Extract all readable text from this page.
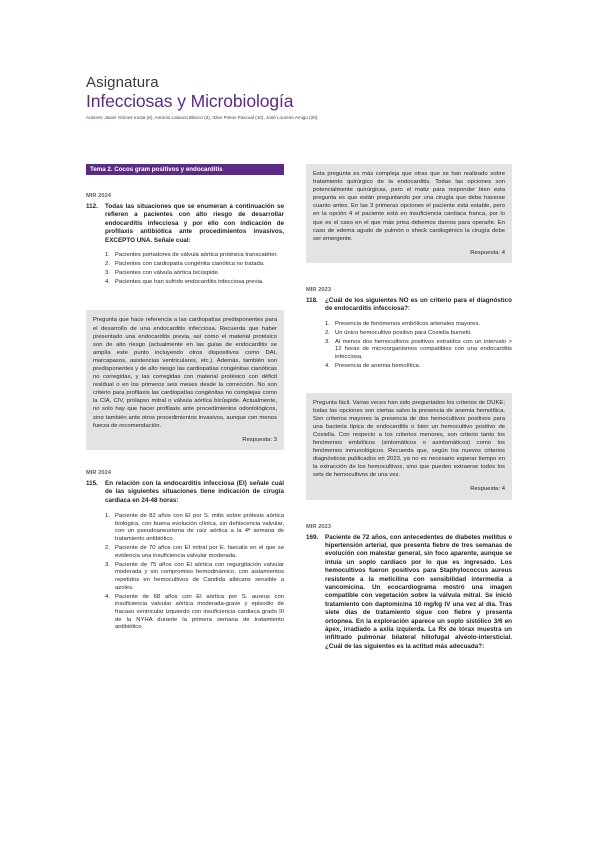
Asignatura
Infecciosas y Microbiología
Autores: Javier Gómez Irusta (6), Antonio Lalueza Blanco (3), Itziar Pintos Pascual (10), José Loureiro Amigo (20).
Tema 2. Cocos gram positivos y endocarditis
MIR 2024
112.	Todas las situaciones que se enumeran a continuación se refieren a pacientes con alto riesgo de desarrollar endocarditis infecciosa y por ello con indicación de profilaxis antibiótica ante procedimientos invasivos, EXCEPTO UNA. Señale cual:
1. Pacientes portadores de válvula aórtica protésica transcatéter.
2. Pacientes con cardiopatía congénita cianótica no tratada.
3. Pacientes con válvula aórtica bicúspide.
4. Pacientes que han sufrido endocarditis infecciosa previa.
Pregunta que hace referencia a las cardiopatías predisponentes para el desarrollo de una endocarditis infecciosa. Recuerda que haber presentado una endocarditis previa, así como el material protésico son de alto riesgo (actualmente en las guías de endocarditis se amplía este punto incluyendo otros dispositivos como DAI, marcapasos, asistencias ventriculares, etc.). Además, también son predisponentes y de alto riesgo las cardiopatías congénitas cianóticas no corregidas, y las corregidas con material protésico con déficit residual o en los primeros seis meses desde la corrección. No son criterio para profilaxis las cardiopatías congénitas no complejas como la CIA, CIV, prolapso mitral o válvula aórtica bicúspide. Actualmente, no solo hay que hacer profilaxis ante procedimientos odontológicos, sino también ante otros procedimientos invasivos, aunque con menos fuerza de recomendación.
Respuesta: 3
MIR 2024
115.	En relación con la endocarditis infecciosa (EI) señale cuál de las siguientes situaciones tiene indicación de cirugía cardiaca en 24-48 horas:
1. Paciente de 82 años con EI por S. mitis sobre prótesis aórtica biológica, con buena evolución clínica, sin dehiscencia valvular, con un pseudoaneurisma de raíz aórtica a la 4ª semana de tratamiento antibiótico.
2. Paciente de 70 años con EI mitral por E. faecalis en el que se evidencia una insuficiencia valvular moderada.
3. Paciente de 75 años con EI aórtica con regurgitación valvular moderada y sin compromiso hemodinámico, con aislamientos repetidos en hemocultivos de Candida albicans sensible a azoles.
4. Paciente de 68 años con EI aórtica por S. aureus con insuficiencia valvular aórtica moderada-grave y episodio de fracaso ventricular izquierdo con insuficiencia cardiaca grado III de la NYHA durante la primera semana de tratamiento antibiótico.
Esta pregunta es más compleja que otras que se han realizado sobre tratamiento quirúrgico de la endocarditis. Todas las opciones son potencialmente quirúrgicas, pero el matiz para responder bien esta pregunta es que están preguntando por una cirugía que debe hacerse cuanto antes. En las 3 primeras opciones el paciente está estable, pero en la opción 4 el paciente está en insuficiencia cardiaca franca, por lo que es el caso en el que más prisa debemos darnos para operarle. En caso de edema agudo de pulmón o shock cardiogénico la cirugía debe ser emergente.
Respuesta: 4
MIR 2023
118.	¿Cuál de los siguientes NO es un criterio para el diagnóstico de endocarditis infecciosa?:
1. Presencia de fenómenos embólicos arteriales mayores.
2. Un único hemocultivo positivo para Coxiella burnetii.
3. Al menos dos hemocultivos positivos extraídos con un intervalo > 12 horas de microorganismos compatibles con una endocarditis infecciosa.
4. Presencia de anemia hemolítica.
Pregunta fácil. Varias veces han sido preguntados los criterios de DUKE; todas las opciones son ciertas salvo la presencia de anemia hemolítica. Son criterios mayores la presencia de dos hemocultivos positivos para una bacteria típica de endocarditis o bien un hemocultivo positivo de Coxiella. Con respecto a los criterios menores, son criterio tanto los fenómenos embólicos (sintomáticos o asintomáticos) como los fenómenos inmunológicos. Recuerda que, según los nuevos criterios diagnósticos publicados en 2023, ya no es necesario esperar tiempo en la extracción de los hemocultivos, sino que pueden extraerse todos los sets de hemocultivos de una vez.
Respuesta: 4
MIR 2023
169.	Paciente de 72 años, con antecedentes de diabetes mellitus e hipertensión arterial, que presenta fiebre de tres semanas de evolución con malestar general, sin foco aparente, aunque se intuía un soplo cardiaco por lo que es ingresado. Los hemocultivos fueron positivos para Staphylococcus aureus resistente a la meticilina con sensibilidad intermedia a vancomicina. Un ecocardiograma mostró una imagen compatible con vegetación sobre la válvula mitral. Se inició tratamiento con daptomicina 10 mg/kg IV una vez al día. Tras siete días de tratamiento sigue con fiebre y presenta ortopnea. En la exploración aparece un soplo sistólico 3/6 en ápex, irradiado a axila izquierda. La Rx de tórax muestra un infiltrado pulmonar bilateral hiliofugal alvéolo-intersticial. ¿Cuál de las siguientes es la actitud más adecuada?:
